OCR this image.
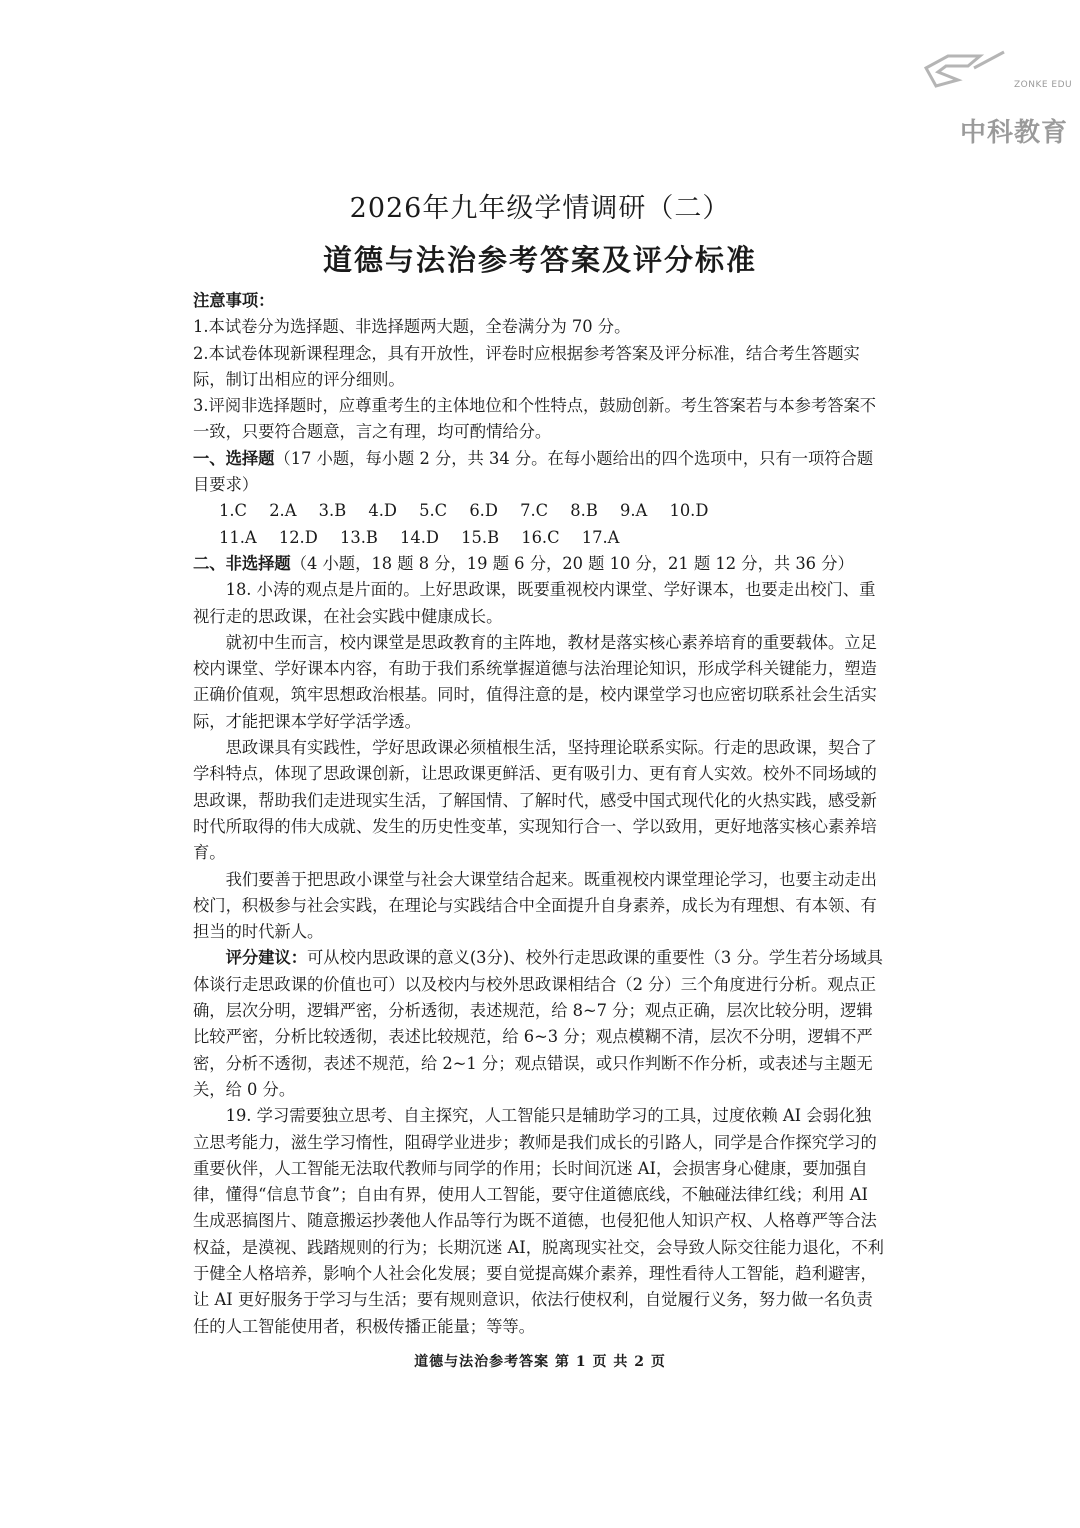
ZONKE EDU
中科教育
2026年九年级学情调研（二）
道德与法治参考答案及评分标准

注意事项：

1.本试卷分为选择题、非选择题两大题，全卷满分为 70 分。

2.本试卷体现新课程理念，具有开放性，评卷时应根据参考答案及评分标准，结合考生答题实际，制订出相应的评分细则。

3.评阅非选择题时，应尊重考生的主体地位和个性特点，鼓励创新。考生答案若与本参考答案不一致，只要符合题意，言之有理，均可酌情给分。

一、选择题（17 小题，每小题 2 分，共 34 分。在每小题给出的四个选项中，只有一项符合题目要求）

1.C 2.A 3.B 4.D 5.C 6.D 7.C 8.B 9.A 10.D

11.A 12.D 13.B 14.D 15.B 16.C 17.A

二、非选择题（4 小题，18 题 8 分，19 题 6 分，20 题 10 分，21 题 12 分，共 36 分）

18. 小涛的观点是片面的。上好思政课，既要重视校内课堂、学好课本，也要走出校门、重视行走的思政课，在社会实践中健康成长。

就初中生而言，校内课堂是思政教育的主阵地，教材是落实核心素养培育的重要载体。立足校内课堂、学好课本内容，有助于我们系统掌握道德与法治理论知识，形成学科关键能力，塑造正确价值观，筑牢思想政治根基。同时，值得注意的是，校内课堂学习也应密切联系社会生活实际，才能把课本学好学活学透。

思政课具有实践性，学好思政课必须植根生活，坚持理论联系实际。行走的思政课，契合了学科特点，体现了思政课创新，让思政课更鲜活、更有吸引力、更有育人实效。校外不同场域的思政课，帮助我们走进现实生活，了解国情、了解时代，感受中国式现代化的火热实践，感受新时代所取得的伟大成就、发生的历史性变革，实现知行合一、学以致用，更好地落实核心素养培育。

我们要善于把思政小课堂与社会大课堂结合起来。既重视校内课堂理论学习，也要主动走出校门，积极参与社会实践，在理论与实践结合中全面提升自身素养，成长为有理想、有本领、有担当的时代新人。

评分建议：可从校内思政课的意义(3分)、校外行走思政课的重要性（3 分。学生若分场域具体谈行走思政课的价值也可）以及校内与校外思政课相结合（2 分）三个角度进行分析。观点正确，层次分明，逻辑严密，分析透彻，表述规范，给 8~7 分；观点正确，层次比较分明，逻辑比较严密，分析比较透彻，表述比较规范，给 6~3 分；观点模糊不清，层次不分明，逻辑不严密，分析不透彻，表述不规范，给 2~1 分；观点错误，或只作判断不作分析，或表述与主题无关，给 0 分。

19. 学习需要独立思考、自主探究，人工智能只是辅助学习的工具，过度依赖 AI 会弱化独立思考能力，滋生学习惰性，阻碍学业进步；教师是我们成长的引路人，同学是合作探究学习的重要伙伴，人工智能无法取代教师与同学的作用；长时间沉迷 AI，会损害身心健康，要加强自律，懂得“信息节食”；自由有界，使用人工智能，要守住道德底线，不触碰法律红线；利用 AI 生成恶搞图片、随意搬运抄袭他人作品等行为既不道德，也侵犯他人知识产权、人格尊严等合法权益，是漠视、践踏规则的行为；长期沉迷 AI，脱离现实社交，会导致人际交往能力退化，不利于健全人格培养，影响个人社会化发展；要自觉提高媒介素养，理性看待人工智能，趋利避害，让 AI 更好服务于学习与生活；要有规则意识，依法行使权利，自觉履行义务，努力做一名负责任的人工智能使用者，积极传播正能量；等等。

道德与法治参考答案 第 1 页 共 2 页
